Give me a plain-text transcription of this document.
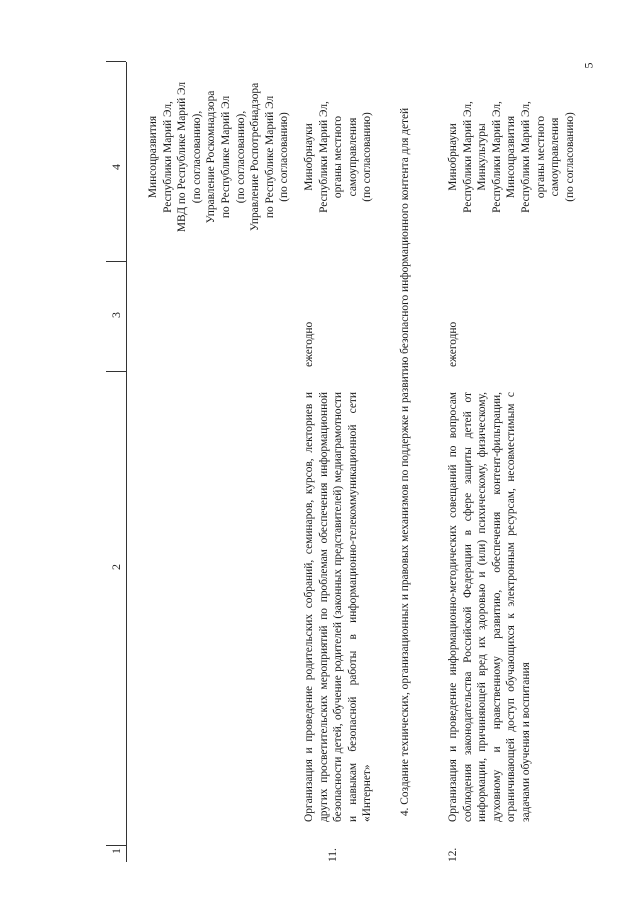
5
1
2
3
4
11.
Организация и проведение родительских собраний, семинаров, курсов, лекториев и других просветительских мероприятий по проблемам обеспечения информационной безопасности детей, обучение родителей (законных представителей) медиаграмотности и навыкам безопасной работы в информационно-телекоммуникационной сети «Интернет»
ежегодно
Минсоцразвития Республики Марий Эл, МВД по Республике Марий Эл (по согласованию), Управление Роскомнадзора по Республике Марий Эл (по согласованию), Управление Роспотребнадзора по Республике Марий Эл (по согласованию) Минобрнауки Республики Марий Эл, органы местного самоуправления (по согласованию) 4. Создание технических, организационных и правовых механизмов по поддержке и развитию безопасного информационного контента для детей
12.
Организация и проведение информационно-методических совещаний по вопросам соблюдения законодательства Российской Федерации в сфере защиты детей от информации, причиняющей вред их здоровью и (или) психическому, физическому, духовному и нравственному развитию, обеспечения контент-фильтрации, ограничивающей доступ обучающихся к электронным ресурсам, несовместимым с задачами обучения и воспитания
ежегодно
Минобрнауки Республики Марий Эл, Минкультуры Республики Марий Эл, Минсоцразвития Республики Марий Эл, органы местного самоуправления (по согласованию)
